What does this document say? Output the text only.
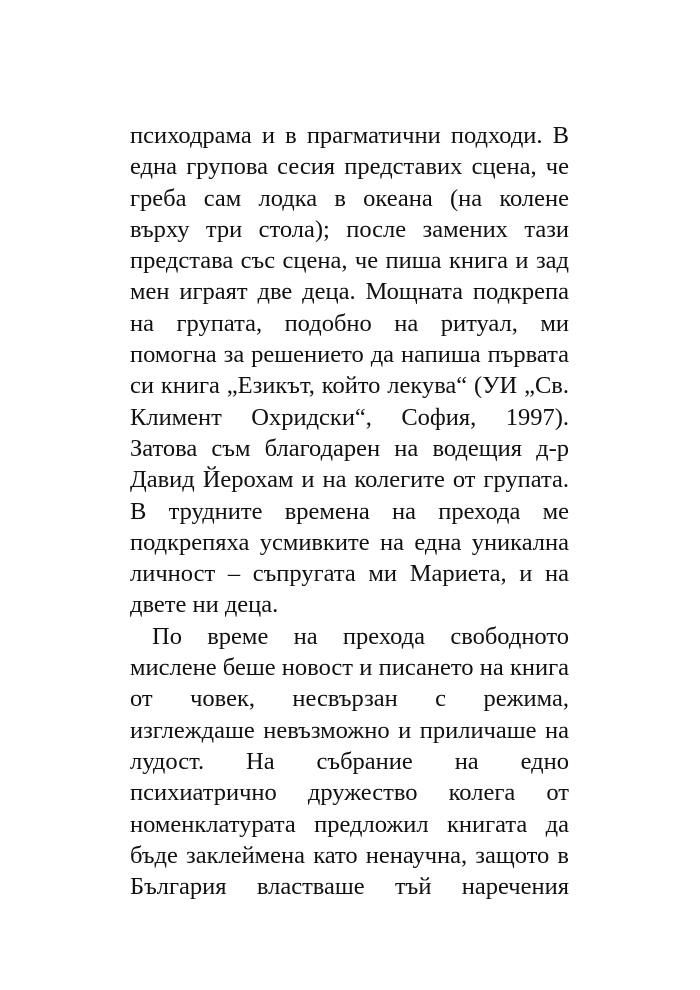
психодрама и в прагматични подходи. В
една групова сесия представих сцена, че
греба сам лодка в океана (на колене
върху три стола); после замених тази
представа със сцена, че пиша книга и зад
мен играят две деца. Мощната подкрепа
на групата, подобно на ритуал, ми
помогна за решението да напиша първата
си книга „Езикът, който лекува“ (УИ „Св.
Климент Охридски“, София, 1997).
Затова съм благодарен на водещия д-р
Давид Йерохам и на колегите от групата.
В трудните времена на прехода ме
подкрепяха усмивките на една уникална
личност – съпругата ми Мариета, и на
двете ни деца.
По време на прехода свободното
мислене беше новост и писането на книга
от човек, несвързан с режима,
изглеждаше невъзможно и приличаше на
лудост. На събрание на едно
психиатрично дружество колега от
номенклатурата предложил книгата да
бъде заклеймена като ненаучна, защото в
България властваше тъй наречения
